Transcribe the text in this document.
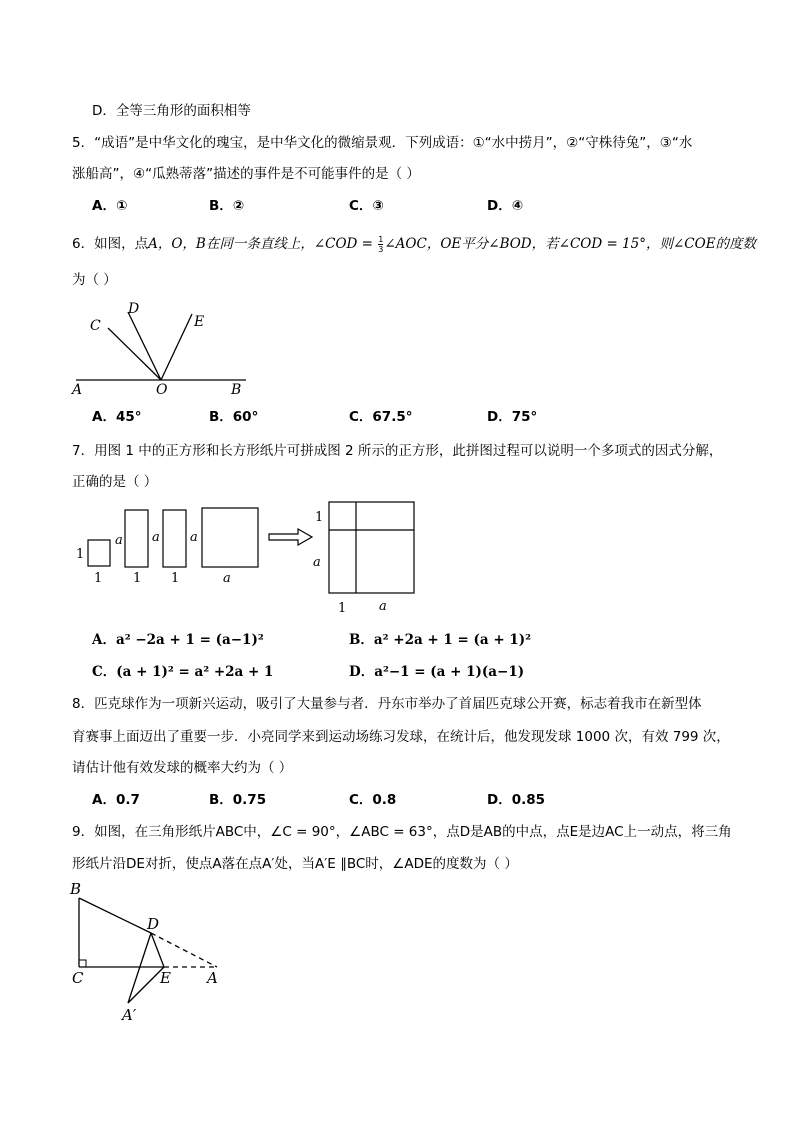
D．全等三角形的面积相等
5．“成语”是中华文化的瑰宝，是中华文化的微缩景观．下列成语：①“水中捞月”，②“守株待兔”，③“水
涨船高”，④“瓜熟蒂落”描述的事件是不可能事件的是（ ）
A．①	B．②	C．③	D．④
6．如图，点A，O，B在同一条直线上，∠COD = $\frac{1}{3}$ ∠AOC，OE平分∠BOD，若∠COD = 15°，则∠COE的度数
为（ ）
C
D
E
A	O	B
A．45°	B．60°	C．67.5°	D．75°
7．用图 1 中的正方形和长方形纸片可拼成图 2 所示的正方形，此拼图过程可以说明一个多项式的因式分解，
正确的是（ ）
1
1
a
1
a
1
a
a
1
a
1	a
A．a² −2a + 1 = (a−1)²	B．a² +2a + 1 = (a + 1)²
C．(a + 1)² = a² +2a + 1	D．a²−1 = (a + 1)(a−1)
8．匹克球作为一项新兴运动，吸引了大量参与者．丹东市举办了首届匹克球公开赛，标志着我市在新型体
育赛事上面迈出了重要一步．小亮同学来到运动场练习发球，在统计后，他发现发球 1000 次，有效 799 次，
请估计他有效发球的概率大约为（ ）
A．0.7	B．0.75	C．0.8	D．0.85
9．如图，在三角形纸片ABC中，∠C = 90°，∠ABC = 63°，点D是AB的中点，点E是边AC上一动点，将三角
形纸片沿DE对折，使点A落在点A′处，当A′E ∥BC时，∠ADE的度数为（ ）
B
D
C	E A
A′
